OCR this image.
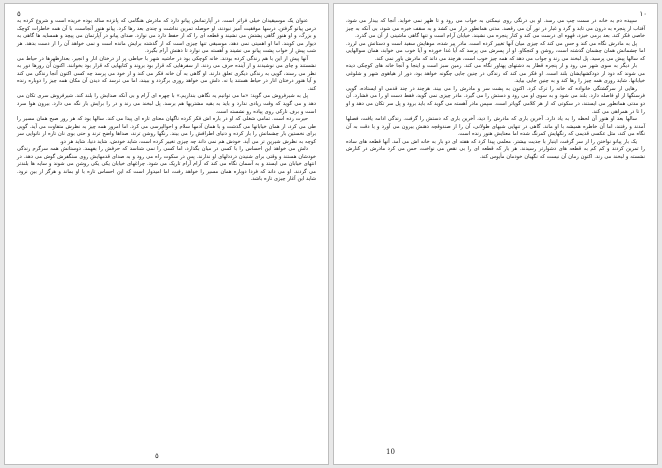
٥

عنوان یک موسیقیدان خیلی فراتر است. در آپارتمانش پیانو دارد که مادرش هنگامی که پانزده ساله بوده خریده است و شروع کرده به درس پیانو گرفتن. درسها موفقیت آمیز نبودند، او حوصله تمرین نداشت و چندی بعد رها کرد. پیانو هنوز آنجاست، با آن همه خاطرات کوچک و بزرگ، و او هنوز گاهی پشتش می نشیند و قطعه ای را که از حفظ دارد می نوازد. صدای پیانو در آپارتمان می پیچد و همسایه ها گاهی به دیوار می کوبند. اما او اهمیتی نمی دهد، موسیقی تنها چیزی است که از گذشته برایش مانده است و نمی خواهد آن را از دست بدهد. هر شب پیش از خواب پشت پیانو می نشیند و آهسته می نوازد تا ذهنش آرام بگیرد.

آنها پیش از این با هم زندگی کرده بودند. خانه کوچکی بود در حاشیه شهر با حیاطی پر از درختان انار و انجیر. بعدازظهرها در حیاط می نشستند و چای می نوشیدند و از آینده حرف می زدند. از سفرهایی که قرار بود بروند و کتابهایی که قرار بود بخوانند. اکنون آن روزها دور به نظر می رسند، گویی به زندگی دیگری تعلق دارند. او گاهی به آن خانه فکر می کند و از خود می پرسد چه کسی اکنون آنجا زندگی می کند و آیا هنوز درختان انار در حیاط هستند یا نه. دلش می خواهد روزی برگردد و ببیند، اما می ترسد که دیدن آن مکان همه چیز را دوباره زنده کند.

پل به شیرفروش می گوید: «ما می توانیم یه نگاهی بندازیم.» با چهره ای آرام و بی آنکه صدایش را بلند کند. شیرفروش سری تکان می دهد و می گوید که وقت زیادی ندارد و باید به بقیه مشتریها هم برسد. پل لبخند می زند و در را برایش باز نگه می دارد. بیرون هوا سرد است و برف نازکی روی پیاده رو نشسته است.

حیرت زده است. تمامی شغلی که او در باره اش فکر کرده ناگهان معنای تازه ای پیدا می کند. سالها بود که هر روز صبح همان مسیر را طی می کرد، از همان خیابانها می گذشت و با همان آدمها سلام و احوالپرسی می کرد. اما امروز همه چیز به نظرش متفاوت می آید. گویی برای نخستین بار چشمانش را باز کرده و دنیای اطرافش را می بیند. رنگها روشن ترند، صداها واضح ترند و حتی بوی نان تازه از نانوایی سر کوچه به نظرش شیرین تر می آید. خودش هم نمی داند چه چیزی تغییر کرده است، شاید خودش، شاید دنیا، شاید هر دو.

دلش می خواهد این احساس را با کسی در میان بگذارد، اما کسی را نمی شناسد که حرفش را بفهمد. دوستانش همه سرگرم زندگی خودشان هستند و وقتی برای شنیدن درددلهای او ندارند. پس در سکوت راه می رود و به صدای قدمهایش روی سنگفرش گوش می دهد. در انتهای خیابان می ایستد و به آسمان نگاه می کند که آرام آرام تاریک می شود. چراغهای خیابان یکی یکی روشن می شوند و سایه ها بلندتر می گردند. او می داند که فردا دوباره همان مسیر را خواهد رفت، اما امیدوار است که این احساس تازه با او بماند و هرگز از بین نرود. شاید این آغاز چیزی تازه باشد.

٥
۱۰

سپیده دم به خانه در سمت چپ می رسد. او بی درنگی روی نیمکتی به خواب می رود و تا ظهر نمی خوابد. آنجا که بیدار می شود، آفتاب از پنجره به درون می تابد و گرد و غبار در نور آن می رقصد. مدتی همانطور دراز می کشد و به سقف خیره می شود، بی آنکه به چیز خاصی فکر کند. بعد برمی خیزد، قهوه ای درست می کند و کنار پنجره می نشیند. خیابان آرام است و تنها گاهی ماشینی از آن می گذرد.

پل به مادرش نگاه می کند و حس می کند که چیزی میان آنها تغییر کرده است. مادر پیر شده، موهایش سفید است و دستانش می لرزد. اما چشمانش همان چشمان گذشته است، روشن و کنجکاو. او از پسرش می پرسد که آیا غذا خورده و آیا خوب می خوابد، همان سوالهایی که سالها پیش می پرسید. پل لبخند می زند و جواب می دهد که همه چیز خوب است، هرچند می داند که مادرش باور نمی کند.

بار دیگر به سوی شهر می رود و از پنجره قطار به دشتهای پهناور نگاه می کند. زمین سبز است و اینجا و آنجا خانه های کوچکی دیده می شوند که دود از دودکشهایشان بلند است. او فکر می کند که زندگی در چنین جایی چگونه خواهد بود، دور از هیاهوی شهر و شلوغی خیابانها. شاید روزی همه چیز را رها کند و به چنین جایی بیاید.

رهایی از سرگشتگی خانواده که خانه را ترک کرد. اکنون به پشت سر و مادرش را می بیند. هرچند در چند قدمی او ایستاده، گویی فرسنگها از او فاصله دارد. بلند می شود و به سوی او می رود و دستش را می گیرد. مادر چیزی نمی گوید، فقط دست او را می فشارد. آن دو مدتی همانطور می ایستند، در سکوتی که از هر کلامی گویاتر است. سپس مادر آهسته می گوید که باید برود و پل سر تکان می دهد و او را تا در همراهی می کند.

سالها بعد او هنوز آن لحظه را به یاد دارد. آخرین باری که مادرش را دید، آخرین باری که دستش را گرفت. زندگی ادامه یافت، فصلها آمدند و رفتند، اما آن خاطره همیشه با او ماند. گاهی در تنهایی شبهای طولانی، آن را از صندوقچه ذهنش بیرون می آورد و با دقت به آن نگاه می کند، مثل عکسی قدیمی که رنگهایش کمرنگ شده اما معنایش هنوز زنده است.

یک بار پیانو نواختن را از سر گرفت، اینبار با جدیت بیشتر. معلمی پیدا کرد که هفته ای دو بار به خانه اش می آمد. آنها قطعه های ساده را تمرین کردند و کم کم به قطعه های دشوارتر رسیدند. هر بار که قطعه ای را بی نقص می نواخت، حس می کرد مادرش در کنارش نشسته و لبخند می زند. اکنون زمان آن نیست که نگهبان خودمان مأیوس کند.

10
